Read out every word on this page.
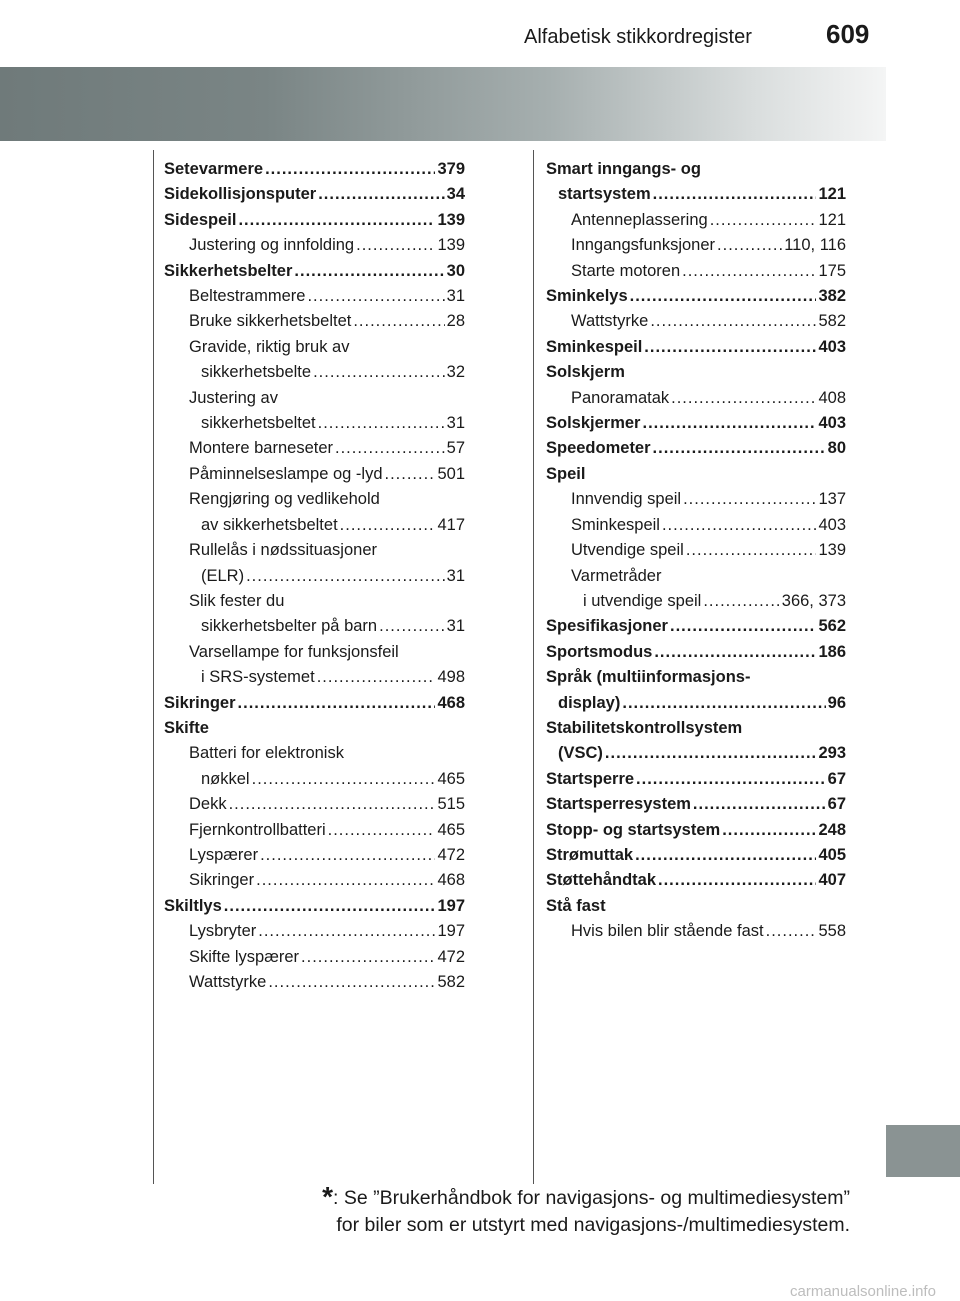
Alfabetisk stikkordregister	609
Setevarmere .....	379
Sidekollisjonsputer .....	34
Sidespeil .....	139
Justering og innfolding .....	139
Sikkerhetsbelter .....	30
Beltestrammere .....	31
Bruke sikkerhetsbeltet .....	28
Gravide, riktig bruk av
sikkerhetsbelte .....	32
Justering av
sikkerhetsbeltet .....	31
Montere barneseter .....	57
Påminnelseslampe og -lyd .....	501
Rengjøring og vedlikehold
av sikkerhetsbeltet .....	417
Rullelås i nødssituasjoner
(ELR) .....	31
Slik fester du
sikkerhetsbelter på barn .....	31
Varsellampe for funksjonsfeil
i SRS-systemet .....	498
Sikringer .....	468
Skifte
Batteri for elektronisk
nøkkel .....	465
Dekk .....	515
Fjernkontrollbatteri .....	465
Lyspærer .....	472
Sikringer .....	468
Skiltlys .....	197
Lysbryter .....	197
Skifte lyspærer .....	472
Wattstyrke .....	582
Smart inngangs- og
startsystem .....	121
Antenneplassering .....	121
Inngangsfunksjoner .....	110, 116
Starte motoren .....	175
Sminkelys .....	382
Wattstyrke .....	582
Sminkespeil .....	403
Solskjerm
Panoramatak .....	408
Solskjermer .....	403
Speedometer .....	80
Speil
Innvendig speil .....	137
Sminkespeil .....	403
Utvendige speil .....	139
Varmetråder
i utvendige speil .....	366, 373
Spesifikasjoner .....	562
Sportsmodus .....	186
Språk (multiinformasjons-
display) .....	96
Stabilitetskontrollsystem
(VSC) .....	293
Startsperre .....	67
Startsperresystem .....	67
Stopp- og startsystem .....	248
Strømuttak .....	405
Støttehåndtak .....	407
Stå fast
Hvis bilen blir stående fast .....	558
*: Se ”Brukerhåndbok for navigasjons- og multimediesystem”
for biler som er utstyrt med navigasjons-/multimediesystem.
carmanualsonline.info
